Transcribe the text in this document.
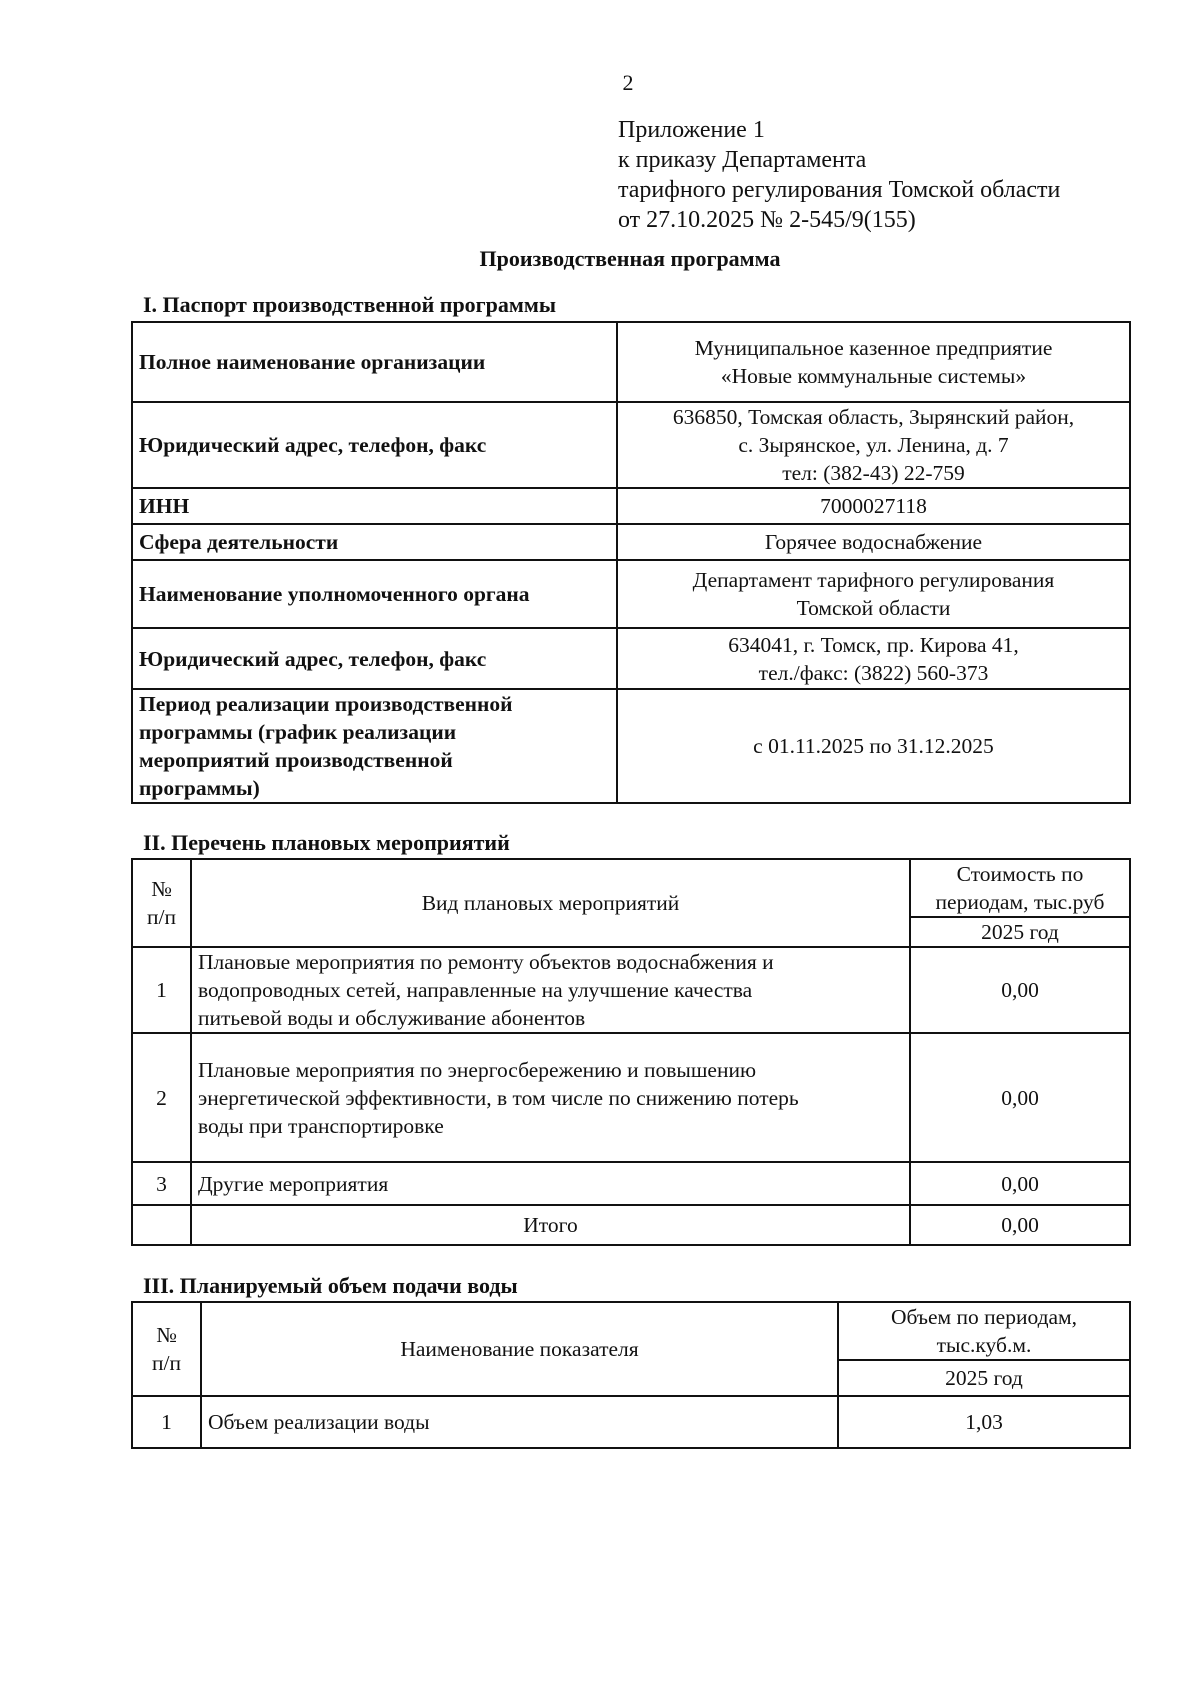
2
Приложение 1
к приказу Департамента
тарифного регулирования Томской области
от 27.10.2025 № 2-545/9(155)
Производственная программа
I. Паспорт производственной программы
Полное наименование организации	Муниципальное казенное предприятие
«Новые коммунальные системы»
Юридический адрес, телефон, факс	636850, Томская область, Зырянский район,
с. Зырянское, ул. Ленина, д. 7
тел: (382-43) 22-759
ИНН	7000027118
Сфера деятельности	Горячее водоснабжение
Наименование уполномоченного органа	Департамент тарифного регулирования
Томской области
Юридический адрес, телефон, факс	634041, г. Томск, пр. Кирова 41,
тел./факс: (3822) 560-373
Период реализации производственной
программы (график реализации
мероприятий производственной
программы)	с 01.11.2025 по 31.12.2025
II. Перечень плановых мероприятий
№
п/п	Вид плановых мероприятий	Стоимость по
периодам, тыс.руб
		2025 год
1	Плановые мероприятия по ремонту объектов водоснабжения и
водопроводных сетей, направленные на улучшение качества
питьевой воды и обслуживание абонентов	0,00
2	Плановые мероприятия по энергосбережению и повышению
энергетической эффективности, в том числе по снижению потерь
воды при транспортировке	0,00
3	Другие мероприятия	0,00
	Итого	0,00
III. Планируемый объем подачи воды
№
п/п	Наименование показателя	Объем по периодам,
тыс.куб.м.
		2025 год
1	Объем реализации воды	1,03
